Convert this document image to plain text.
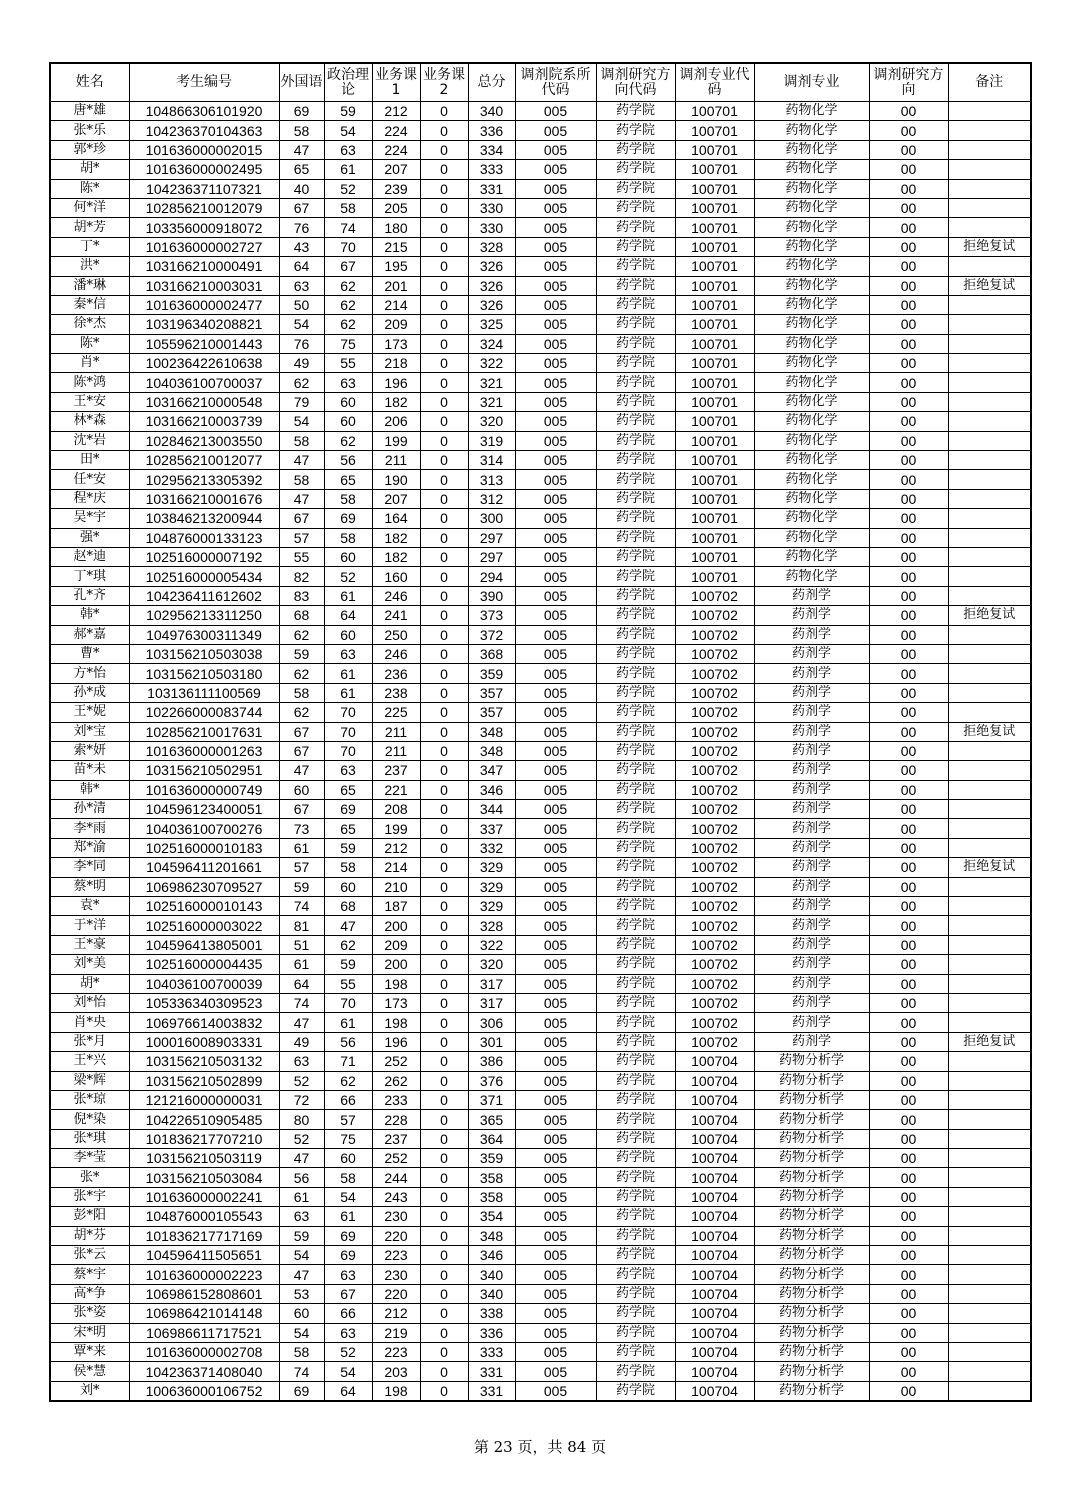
姓名	考生编号	外国语	政治理论	业务课1	业务课2	总分	调剂院系所代码	调剂研究方向代码	调剂专业代码	调剂专业	调剂研究方向	备注
唐*雄	104866306101920	69	59	212	0	340	005	药学院	100701	药物化学	00	
张*乐	104236370104363	58	54	224	0	336	005	药学院	100701	药物化学	00	
郭*珍	101636000002015	47	63	224	0	334	005	药学院	100701	药物化学	00	
胡*	101636000002495	65	61	207	0	333	005	药学院	100701	药物化学	00	
陈*	104236371107321	40	52	239	0	331	005	药学院	100701	药物化学	00	
何*洋	102856210012079	67	58	205	0	330	005	药学院	100701	药物化学	00	
胡*芳	103356000918072	76	74	180	0	330	005	药学院	100701	药物化学	00	
丁*	101636000002727	43	70	215	0	328	005	药学院	100701	药物化学	00	拒绝复试
洪*	103166210000491	64	67	195	0	326	005	药学院	100701	药物化学	00	
潘*琳	103166210003031	63	62	201	0	326	005	药学院	100701	药物化学	00	拒绝复试
秦*信	101636000002477	50	62	214	0	326	005	药学院	100701	药物化学	00	
徐*杰	103196340208821	54	62	209	0	325	005	药学院	100701	药物化学	00	
陈*	105596210001443	76	75	173	0	324	005	药学院	100701	药物化学	00	
肖*	100236422610638	49	55	218	0	322	005	药学院	100701	药物化学	00	
陈*鸿	104036100700037	62	63	196	0	321	005	药学院	100701	药物化学	00	
王*安	103166210000548	79	60	182	0	321	005	药学院	100701	药物化学	00	
林*森	103166210003739	54	60	206	0	320	005	药学院	100701	药物化学	00	
沈*岩	102846213003550	58	62	199	0	319	005	药学院	100701	药物化学	00	
田*	102856210012077	47	56	211	0	314	005	药学院	100701	药物化学	00	
任*安	102956213305392	58	65	190	0	313	005	药学院	100701	药物化学	00	
程*庆	103166210001676	47	58	207	0	312	005	药学院	100701	药物化学	00	
吴*宇	103846213200944	67	69	164	0	300	005	药学院	100701	药物化学	00	
强*	104876000133123	57	58	182	0	297	005	药学院	100701	药物化学	00	
赵*迪	102516000007192	55	60	182	0	297	005	药学院	100701	药物化学	00	
丁*琪	102516000005434	82	52	160	0	294	005	药学院	100701	药物化学	00	
孔*齐	104236411612602	83	61	246	0	390	005	药学院	100702	药剂学	00	
韩*	102956213311250	68	64	241	0	373	005	药学院	100702	药剂学	00	拒绝复试
郝*嘉	104976300311349	62	60	250	0	372	005	药学院	100702	药剂学	00	
曹*	103156210503038	59	63	246	0	368	005	药学院	100702	药剂学	00	
方*怡	103156210503180	62	61	236	0	359	005	药学院	100702	药剂学	00	
孙*成	103136111100569	58	61	238	0	357	005	药学院	100702	药剂学	00	
王*妮	102266000083744	62	70	225	0	357	005	药学院	100702	药剂学	00	
刘*宝	102856210017631	67	70	211	0	348	005	药学院	100702	药剂学	00	拒绝复试
索*妍	101636000001263	67	70	211	0	348	005	药学院	100702	药剂学	00	
苗*未	103156210502951	47	63	237	0	347	005	药学院	100702	药剂学	00	
韩*	101636000000749	60	65	221	0	346	005	药学院	100702	药剂学	00	
孙*清	104596123400051	67	69	208	0	344	005	药学院	100702	药剂学	00	
李*雨	104036100700276	73	65	199	0	337	005	药学院	100702	药剂学	00	
郑*渝	102516000010183	61	59	212	0	332	005	药学院	100702	药剂学	00	
李*同	104596411201661	57	58	214	0	329	005	药学院	100702	药剂学	00	拒绝复试
蔡*明	106986230709527	59	60	210	0	329	005	药学院	100702	药剂学	00	
袁*	102516000010143	74	68	187	0	329	005	药学院	100702	药剂学	00	
于*洋	102516000003022	81	47	200	0	328	005	药学院	100702	药剂学	00	
王*豪	104596413805001	51	62	209	0	322	005	药学院	100702	药剂学	00	
刘*美	102516000004435	61	59	200	0	320	005	药学院	100702	药剂学	00	
胡*	104036100700039	64	55	198	0	317	005	药学院	100702	药剂学	00	
刘*怡	105336340309523	74	70	173	0	317	005	药学院	100702	药剂学	00	
肖*央	106976614003832	47	61	198	0	306	005	药学院	100702	药剂学	00	
张*月	100016008903331	49	56	196	0	301	005	药学院	100702	药剂学	00	拒绝复试
王*兴	103156210503132	63	71	252	0	386	005	药学院	100704	药物分析学	00	
梁*辉	103156210502899	52	62	262	0	376	005	药学院	100704	药物分析学	00	
张*琼	121216000000031	72	66	233	0	371	005	药学院	100704	药物分析学	00	
倪*染	104226510905485	80	57	228	0	365	005	药学院	100704	药物分析学	00	
张*琪	101836217707210	52	75	237	0	364	005	药学院	100704	药物分析学	00	
李*莹	103156210503119	47	60	252	0	359	005	药学院	100704	药物分析学	00	
张*	103156210503084	56	58	244	0	358	005	药学院	100704	药物分析学	00	
张*宇	101636000002241	61	54	243	0	358	005	药学院	100704	药物分析学	00	
彭*阳	104876000105543	63	61	230	0	354	005	药学院	100704	药物分析学	00	
胡*芬	101836217717169	59	69	220	0	348	005	药学院	100704	药物分析学	00	
张*云	104596411505651	54	69	223	0	346	005	药学院	100704	药物分析学	00	
蔡*宇	101636000002223	47	63	230	0	340	005	药学院	100704	药物分析学	00	
高*争	106986152808601	53	67	220	0	340	005	药学院	100704	药物分析学	00	
张*姿	106986421014148	60	66	212	0	338	005	药学院	100704	药物分析学	00	
宋*明	106986611717521	54	63	219	0	336	005	药学院	100704	药物分析学	00	
覃*来	101636000002708	58	52	223	0	333	005	药学院	100704	药物分析学	00	
侯*慧	104236371408040	74	54	203	0	331	005	药学院	100704	药物分析学	00	
刘*	100636000106752	69	64	198	0	331	005	药学院	100704	药物分析学	00	
第 23 页，共 84 页
